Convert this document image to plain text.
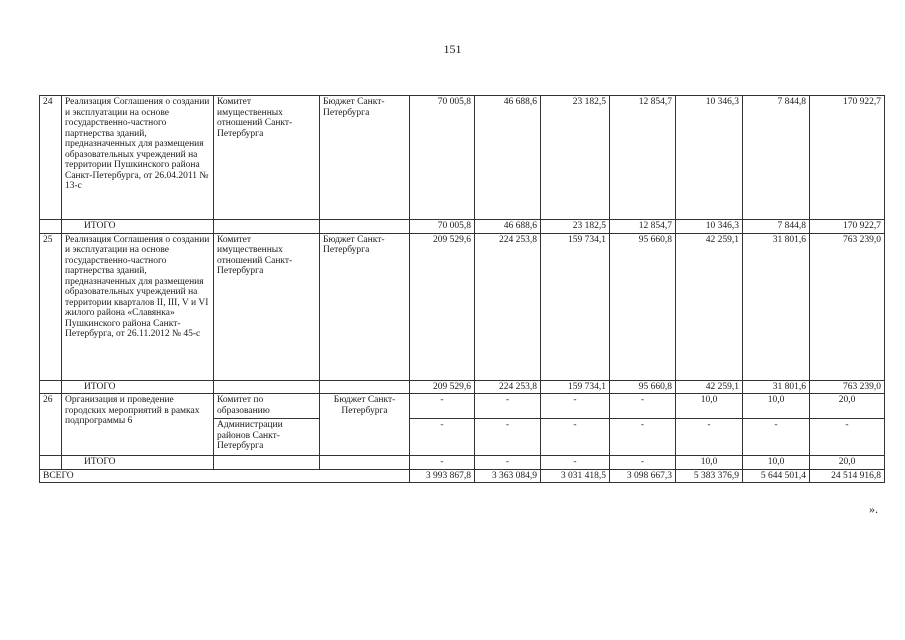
151
24	Реализация Соглашения о создании и эксплуатации на основе государственно-частного партнерства зданий, предназначенных для размещения образовательных учреждений на территории Пушкинского района Санкт-Петербурга, от 26.04.2011 № 13-с	Комитет имущественных отношений Санкт-Петербурга	Бюджет Санкт-Петербурга	70 005,8	46 688,6	23 182,5	12 854,7	10 346,3	7 844,8	170 922,7
	ИТОГО			70 005,8	46 688,6	23 182,5	12 854,7	10 346,3	7 844,8	170 922,7
25	Реализация Соглашения о создании и эксплуатации на основе государственно-частного партнерства зданий, предназначенных для размещения образовательных учреждений на территории кварталов II, III, V и VI жилого района «Славянка» Пушкинского района Санкт-Петербурга, от 26.11.2012 № 45-с	Комитет имущественных отношений Санкт-Петербурга	Бюджет Санкт-Петербурга	209 529,6	224 253,8	159 734,1	95 660,8	42 259,1	31 801,6	763 239,0
	ИТОГО			209 529,6	224 253,8	159 734,1	95 660,8	42 259,1	31 801,6	763 239,0
26	Организация и проведение городских мероприятий в рамках подпрограммы 6	Комитет по образованию	Бюджет Санкт-Петербурга	-	-	-	-	10,0	10,0	20,0
		Администрации районов Санкт-Петербурга		-	-	-	-	-	-	-
	ИТОГО			-	-	-	-	10,0	10,0	20,0
ВСЕГО				3 993 867,8	3 363 084,9	3 031 418,5	3 098 667,3	5 383 376,9	5 644 501,4	24 514 916,8
».
